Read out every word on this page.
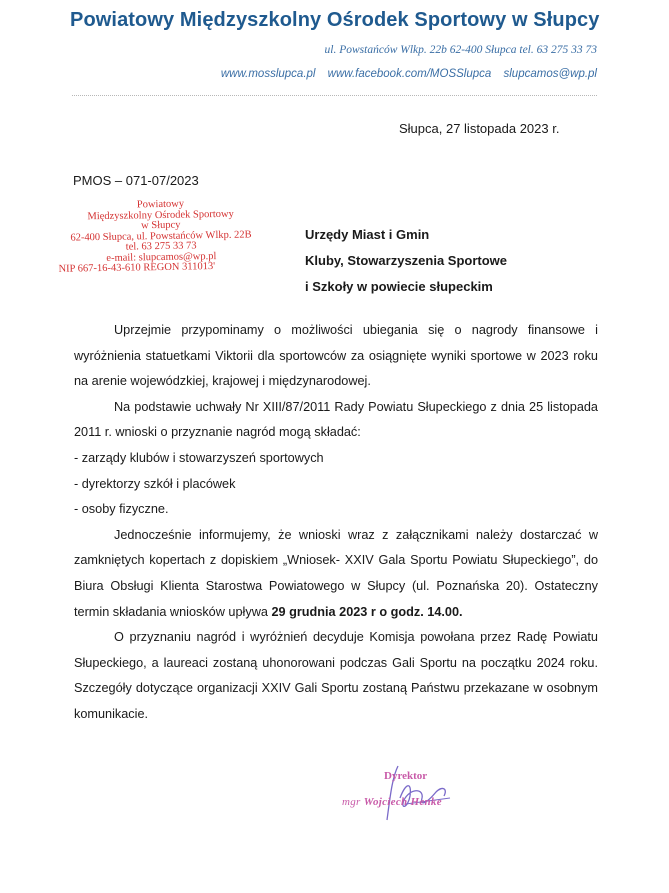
Powiatowy Międzyszkolny Ośrodek Sportowy w Słupcy
ul. Powstańców Wlkp. 22b 62-400 Słupca tel. 63 275 33 73
www.mosslupca.pl www.facebook.com/MOSSlupca slupcamos@wp.pl
Słupca, 27 listopada 2023 r.
PMOS – 071-07/2023
Powiatowy
Międzyszkolny Ośrodek Sportowy
w Słupcy
62-400 Słupca, ul. Powstańców Wlkp. 22B
tel. 63 275 33 73
e-mail: slupcamos@wp.pl
NIP 667-16-43-610 REGON 311013'
Urzędy Miast i Gmin
Kluby, Stowarzyszenia Sportowe
i Szkoły w powiecie słupeckim

Uprzejmie przypominamy o możliwości ubiegania się o nagrody finansowe i wyróżnienia statuetkami Viktorii dla sportowców za osiągnięte wyniki sportowe w 2023 roku na arenie wojewódzkiej, krajowej i międzynarodowej.

Na podstawie uchwały Nr XIII/87/2011 Rady Powiatu Słupeckiego z dnia 25 listopada 2011 r. wnioski o przyznanie nagród mogą składać:

- zarządy klubów i stowarzyszeń sportowych

- dyrektorzy szkół i placówek

- osoby fizyczne.

Jednocześnie informujemy, że wnioski wraz z załącznikami należy dostarczać w zamkniętych kopertach z dopiskiem „Wniosek- XXIV Gala Sportu Powiatu Słupeckiego”, do Biura Obsługi Klienta Starostwa Powiatowego w Słupcy (ul. Poznańska 20). Ostateczny termin składania wniosków upływa 29 grudnia 2023 r o godz. 14.00.

O przyznaniu nagród i wyróżnień decyduje Komisja powołana przez Radę Powiatu Słupeckiego, a laureaci zostaną uhonorowani podczas Gali Sportu na początku 2024 roku. Szczegóły dotyczące organizacji XXIV Gali Sportu zostaną Państwu przekazane w osobnym komunikacie.

Dyrektor
mgr Wojciech Henke
